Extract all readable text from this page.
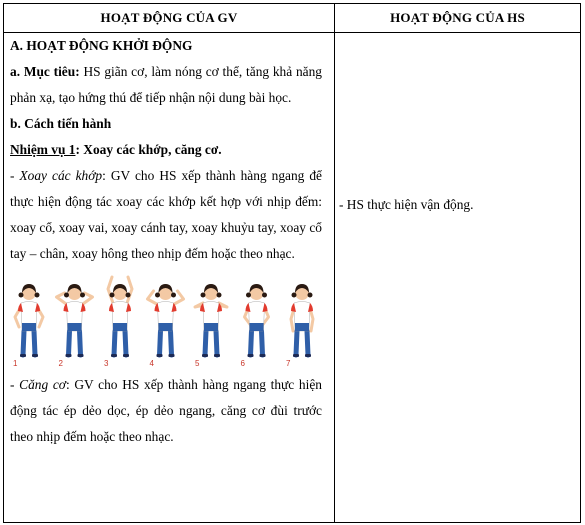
HOẠT ĐỘNG CỦA GV	HOẠT ĐỘNG CỦA HS

A. HOẠT ĐỘNG KHỞI ĐỘNG

a. Mục tiêu: HS giãn cơ, làm nóng cơ thể, tăng khả năng phản xạ, tạo hứng thú để tiếp nhận nội dung bài học.

b. Cách tiến hành

Nhiệm vụ 1: Xoay các khớp, căng cơ.

- Xoay các khớp: GV cho HS xếp thành hàng ngang để thực hiện động tác xoay các khớp kết hợp với nhịp đếm: xoay cổ, xoay vai, xoay cánh tay, xoay khuỷu tay, xoay cổ tay – chân, xoay hông theo nhịp đếm hoặc theo nhạc.

1	2	3	4	5	6	7

- Căng cơ: GV cho HS xếp thành hàng ngang thực hiện động tác ép dẻo dọc, ép dẻo ngang, căng cơ đùi trước theo nhịp đếm hoặc theo nhạc.

- HS thực hiện vận động.
